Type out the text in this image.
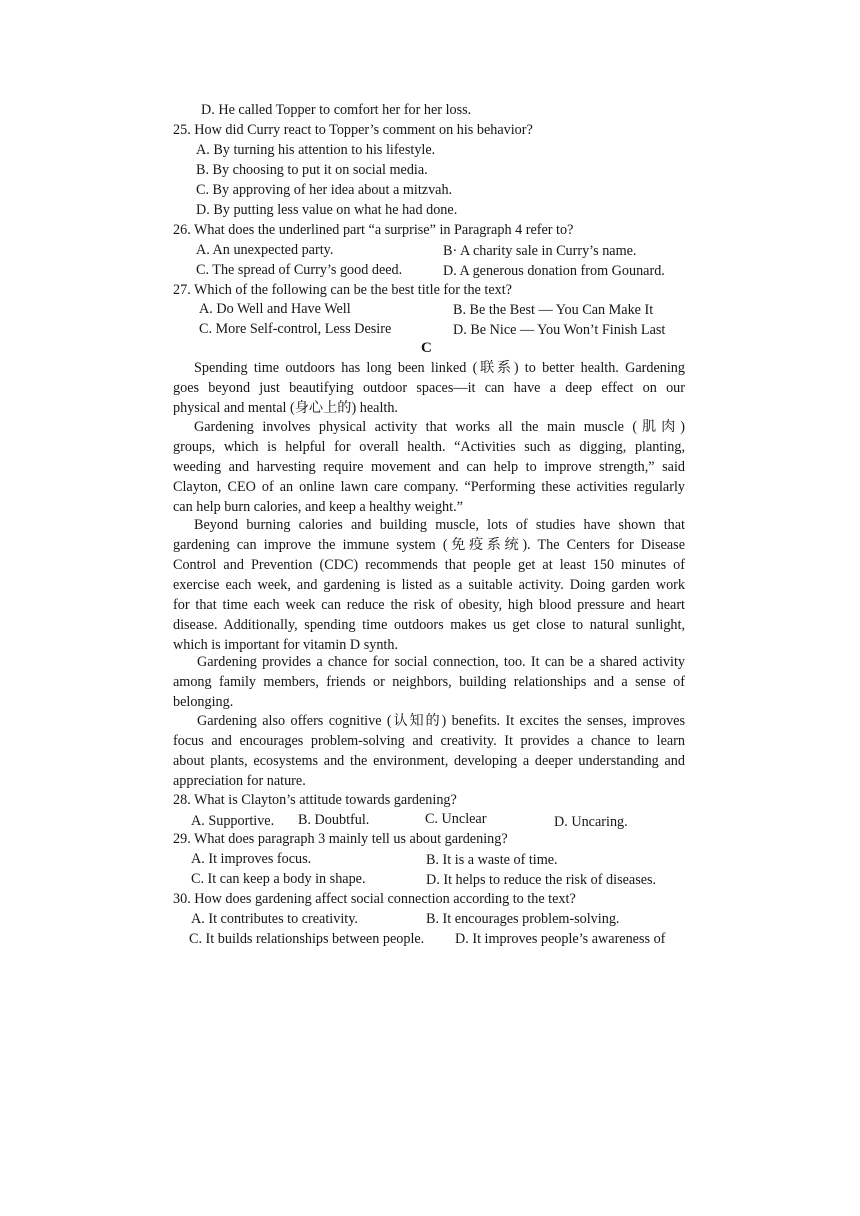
D. He called Topper to comfort her for her loss.
25. How did Curry react to Topper’s comment on his behavior?
A. By turning his attention to his lifestyle.
B. By choosing to put it on social media.
C. By approving of her idea about a mitzvah.
D. By putting less value on what he had done.
26. What does the underlined part “a surprise” in Paragraph 4 refer to?
A. An unexpected party.	B· A charity sale in Curry’s name.
C. The spread of Curry’s good deed.	D. A generous donation from Gounard.
27. Which of the following can be the best title for the text?
A. Do Well and Have Well	B. Be the Best — You Can Make It
C. More Self-control, Less Desire	D. Be Nice — You Won’t Finish Last
C
Spending time outdoors has long been linked (联系) to better health. Gardening
goes beyond just beautifying outdoor spaces—it can have a deep effect on our
physical and mental (身心上的) health.
Gardening involves physical activity that works all the main muscle (肌肉)
groups, which is helpful for overall health. “Activities such as digging, planting,
weeding and harvesting require movement and can help to improve strength,” said
Clayton, CEO of an online lawn care company. “Performing these activities regularly
can help burn calories, and keep a healthy weight.”
Beyond burning calories and building muscle, lots of studies have shown that
gardening can improve the immune system (免疫系统). The Centers for Disease
Control and Prevention (CDC) recommends that people get at least 150 minutes of
exercise each week, and gardening is listed as a suitable activity. Doing garden work
for that time each week can reduce the risk of obesity, high blood pressure and heart
disease. Additionally, spending time outdoors makes us get close to natural sunlight,
which is important for vitamin D synth.
Gardening provides a chance for social connection, too. It can be a shared activity
among family members, friends or neighbors, building relationships and a sense of
belonging.
Gardening also offers cognitive (认知的) benefits. It excites the senses, improves
focus and encourages problem-solving and creativity. It provides a chance to learn
about plants, ecosystems and the environment, developing a deeper understanding and
appreciation for nature.
28. What is Clayton’s attitude towards gardening?
A. Supportive. B. Doubtful.	C. Unclear	D. Uncaring.
29. What does paragraph 3 mainly tell us about gardening?
A. It improves focus.	B. It is a waste of time.
C. It can keep a body in shape.	D. It helps to reduce the risk of diseases.
30. How does gardening affect social connection according to the text?
A. It contributes to creativity.	B. It encourages problem-solving.
C. It builds relationships between people. D. It improves people’s awareness of
